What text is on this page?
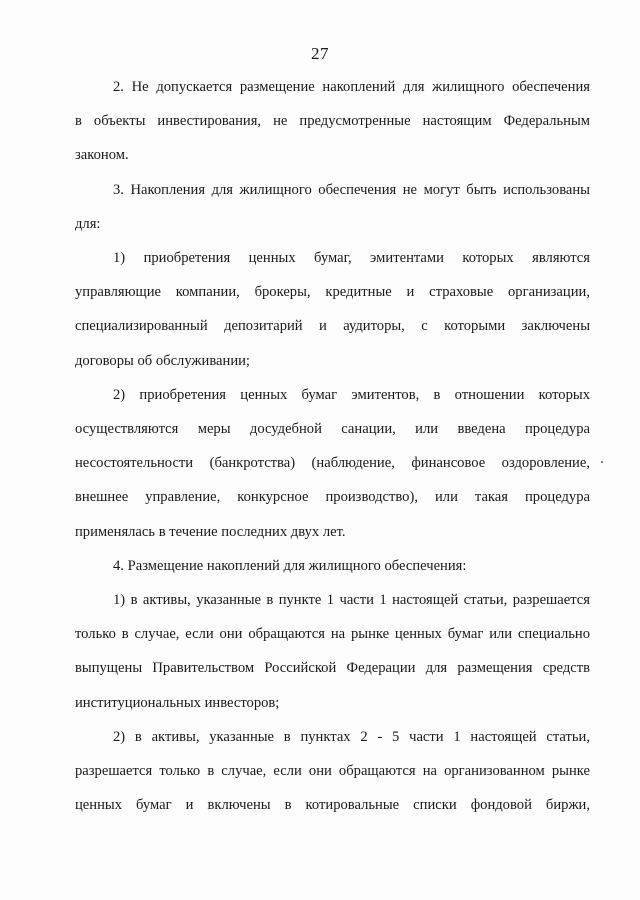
27
2. Не допускается размещение накоплений для жилищного обеспечения
в объекты инвестирования, не предусмотренные настоящим Федеральным
законом.
3. Накопления для жилищного обеспечения не могут быть использованы
для:
1) приобретения ценных бумаг, эмитентами которых являются
управляющие компании, брокеры, кредитные и страховые организации,
специализированный депозитарий и аудиторы, с которыми заключены
договоры об обслуживании;
2) приобретения ценных бумаг эмитентов, в отношении которых
осуществляются меры досудебной санации, или введена процедура
несостоятельности (банкротства) (наблюдение, финансовое оздоровление,
внешнее управление, конкурсное производство), или такая процедура
применялась в течение последних двух лет.
4. Размещение накоплений для жилищного обеспечения:
1) в активы, указанные в пункте 1 части 1 настоящей статьи, разрешается
только в случае, если они обращаются на рынке ценных бумаг или специально
выпущены Правительством Российской Федерации для размещения средств
институциональных инвесторов;
2) в активы, указанные в пунктах 2 - 5 части 1 настоящей статьи,
разрешается только в случае, если они обращаются на организованном рынке
ценных бумаг и включены в котировальные списки фондовой биржи,
